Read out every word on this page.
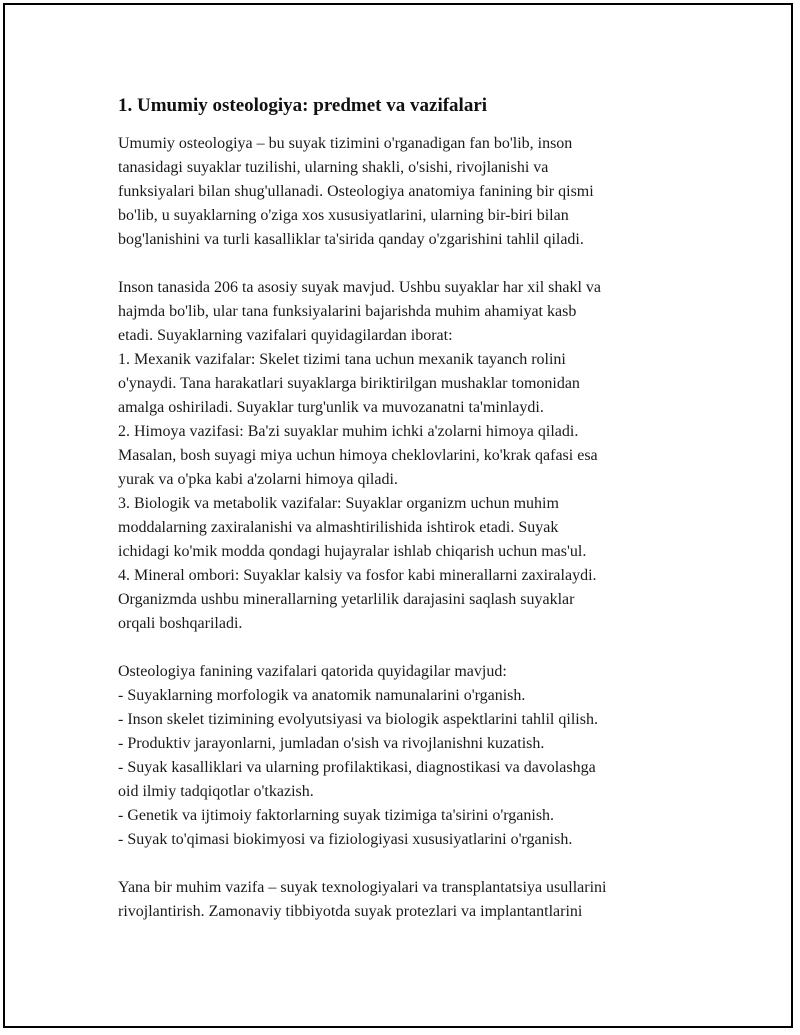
1. Umumiy osteologiya: predmet va vazifalari

Umumiy osteologiya – bu suyak tizimini o'rganadigan fan bo'lib, inson
tanasidagi suyaklar tuzilishi, ularning shakli, o'sishi, rivojlanishi va
funksiyalari bilan shug'ullanadi. Osteologiya anatomiya fanining bir qismi
bo'lib, u suyaklarning o'ziga xos xususiyatlarini, ularning bir-biri bilan
bog'lanishini va turli kasalliklar ta'sirida qanday o'zgarishini tahlil qiladi.

Inson tanasida 206 ta asosiy suyak mavjud. Ushbu suyaklar har xil shakl va
hajmda bo'lib, ular tana funksiyalarini bajarishda muhim ahamiyat kasb
etadi. Suyaklarning vazifalari quyidagilardan iborat:
1. Mexanik vazifalar: Skelet tizimi tana uchun mexanik tayanch rolini
o'ynaydi. Tana harakatlari suyaklarga biriktirilgan mushaklar tomonidan
amalga oshiriladi. Suyaklar turg'unlik va muvozanatni ta'minlaydi.
2. Himoya vazifasi: Ba'zi suyaklar muhim ichki a'zolarni himoya qiladi.
Masalan, bosh suyagi miya uchun himoya cheklovlarini, ko'krak qafasi esa
yurak va o'pka kabi a'zolarni himoya qiladi.
3. Biologik va metabolik vazifalar: Suyaklar organizm uchun muhim
moddalarning zaxiralanishi va almashtirilishida ishtirok etadi. Suyak
ichidagi ko'mik modda qondagi hujayralar ishlab chiqarish uchun mas'ul.
4. Mineral ombori: Suyaklar kalsiy va fosfor kabi minerallarni zaxiralaydi.
Organizmda ushbu minerallarning yetarlilik darajasini saqlash suyaklar
orqali boshqariladi.

Osteologiya fanining vazifalari qatorida quyidagilar mavjud:
- Suyaklarning morfologik va anatomik namunalarini o'rganish.
- Inson skelet tizimining evolyutsiyasi va biologik aspektlarini tahlil qilish.
- Produktiv jarayonlarni, jumladan o'sish va rivojlanishni kuzatish.
- Suyak kasalliklari va ularning profilaktikasi, diagnostikasi va davolashga
oid ilmiy tadqiqotlar o'tkazish.
- Genetik va ijtimoiy faktorlarning suyak tizimiga ta'sirini o'rganish.
- Suyak to'qimasi biokimyosi va fiziologiyasi xususiyatlarini o'rganish.

Yana bir muhim vazifa – suyak texnologiyalari va transplantatsiya usullarini
rivojlantirish. Zamonaviy tibbiyotda suyak protezlari va implantantlarini
